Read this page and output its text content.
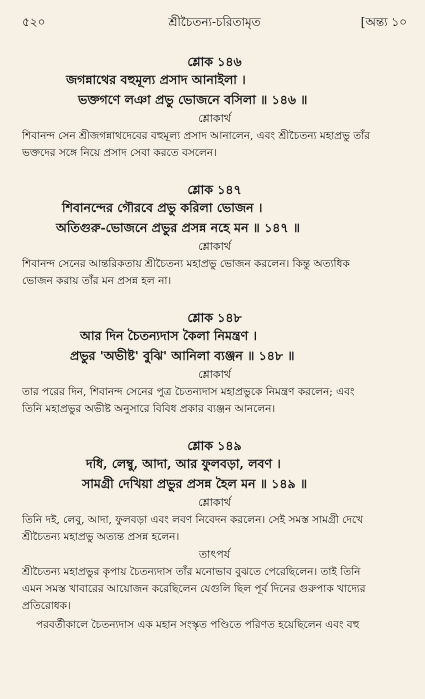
৫২০	শ্রীচৈতন্য-চরিতামৃত	[অন্ত্য ১০
শ্লোক ১৪৬
জগন্নাথের বহুমূল্য প্রসাদ আনাইলা ।
ভক্তগণে লঞা প্রভু ভোজনে বসিলা ॥ ১৪৬ ॥
শ্লোকার্থ

শিবানন্দ সেন শ্রীজগন্নাথদেবের বহুমূল্য প্রসাদ আনালেন, এবং শ্রীচৈতন্য মহাপ্রভু তাঁর
ভক্তদের সঙ্গে নিয়ে প্রসাদ সেবা করতে বসলেন।

শ্লোক ১৪৭
শিবানন্দের গৌরবে প্রভু করিলা ভোজন ।
অতিগুরু-ভোজনে প্রভুর প্রসন্ন নহে মন ॥ ১৪৭ ॥
শ্লোকার্থ

শিবানন্দ সেনের আন্তরিকতায় শ্রীচৈতন্য মহাপ্রভু ভোজন করলেন। কিন্তু অত্যধিক
ভোজন করায় তাঁর মন প্রসন্ন হল না।

শ্লোক ১৪৮
আর দিন চৈতন্যদাস কৈলা নিমন্ত্রণ ।
প্রভুর 'অভীষ্ট' বুঝি' আনিলা ব্যঞ্জন ॥ ১৪৮ ॥
শ্লোকার্থ

তার পরের দিন, শিবানন্দ সেনের পুত্র চৈতন্যদাস মহাপ্রভুকে নিমন্ত্রণ করলেন; এবং
তিনি মহাপ্রভুর অভীষ্ট অনুসারে বিবিধ প্রকার ব্যঞ্জন আনলেন।

শ্লোক ১৪৯
দধি, লেম্বু, আদা, আর ফুলবড়া, লবণ ।
সামগ্রী দেখিয়া প্রভুর প্রসন্ন হৈল মন ॥ ১৪৯ ॥
শ্লোকার্থ

তিনি দই, লেবু, আদা, ফুলবড়া এবং লবণ নিবেদন করলেন। সেই সমস্ত সামগ্রী দেখে
শ্রীচৈতন্য মহাপ্রভু অত্যন্ত প্রসন্ন হলেন।

তাৎপর্য

শ্রীচৈতন্য মহাপ্রভুর কৃপায় চৈতন্যদাস তাঁর মনোভাব বুঝতে পেরেছিলেন। তাই তিনি
এমন সমস্ত খাবারের আয়োজন করেছিলেন যেগুলি ছিল পূর্ব দিনের গুরুপাক খাদ্যের
প্রতিরোধক।

পরবর্তীকালে চৈতন্যদাস এক মহান সংস্কৃত পণ্ডিতে পরিণত হয়েছিলেন এবং বহু
